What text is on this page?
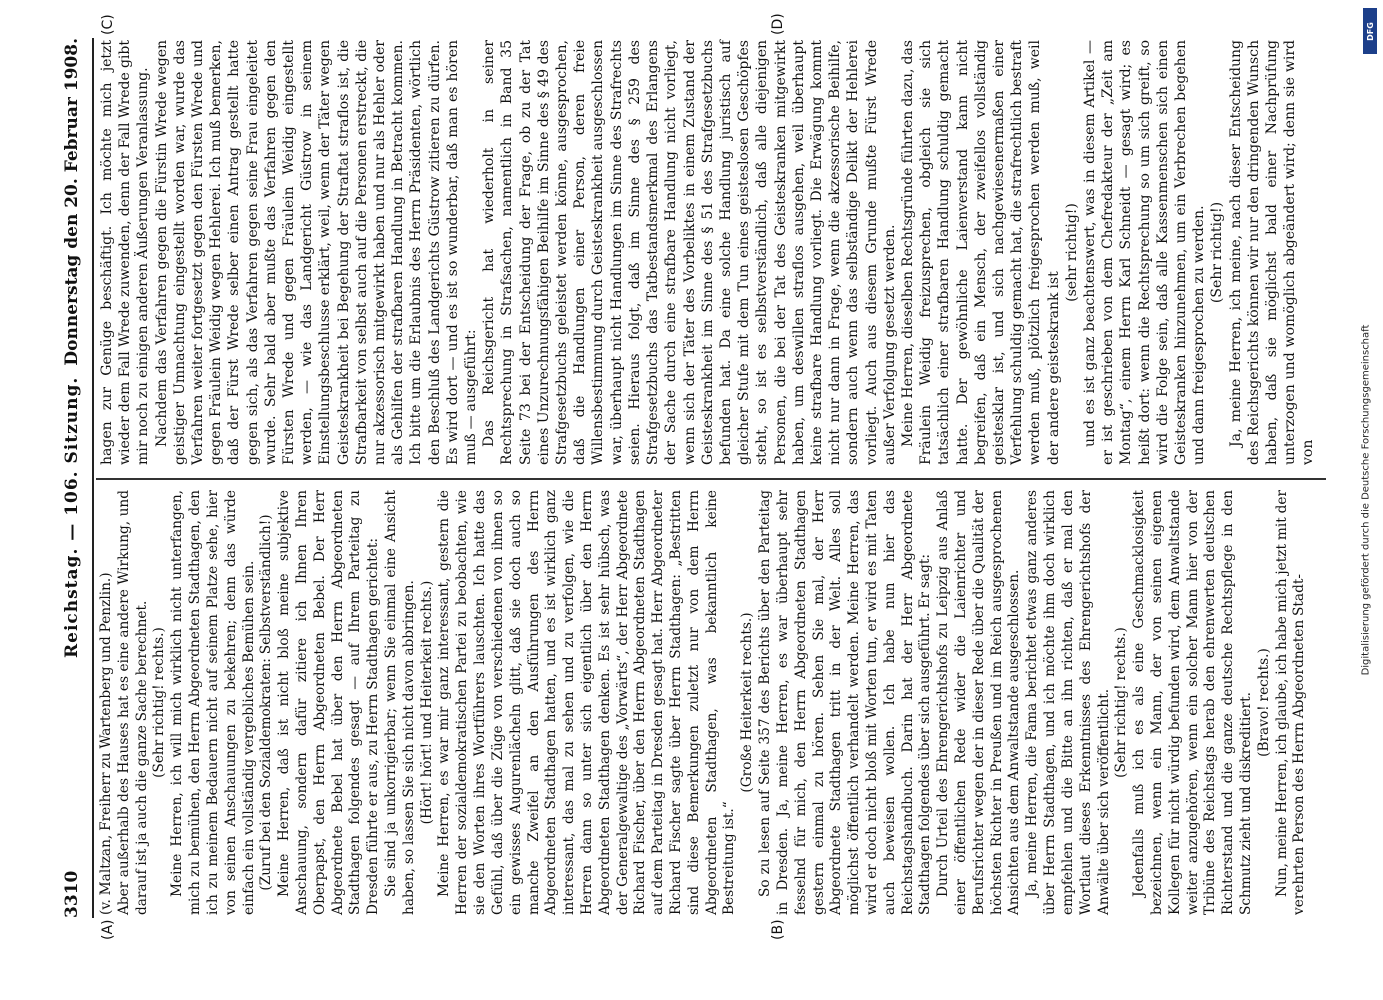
3310
Reichstag. — 106. Sitzung.
Donnerstag den 20. Februar 1908.
(A)	(B)
(C)	(D)

(v. Maltzan, Freiherr zu Wartenberg und Penzlin.) Aber außerhalb des Hauses hat es eine andere Wirkung, und darauf ist ja auch die ganze Sache berechnet. (Sehr richtig! rechts.) Meine Herren, ich will mich wirklich nicht unterfangen, mich zu bemühen, den Herrn Abgeordneten Stadthagen, den ich zu meinem Bedauern nicht auf seinem Platze sehe, hier von seinen Anschauungen zu bekehren; denn das würde einfach ein vollständig vergebliches Bemühen sein. (Zuruf bei den Sozialdemokraten: Selbstverständlich!) Meine Herren, daß ist nicht bloß meine subjektive Anschauung, sondern dafür zitiere ich Ihnen Ihren Oberpapst, den Herrn Abgeordneten Bebel. Der Herr Abgeordnete Bebel hat über den Herrn Abgeordneten Stadthagen folgendes gesagt — auf Ihrem Parteitag zu Dresden führte er aus, zu Herrn Stadthagen gerichtet: Sie sind ja unkorrigierbar; wenn Sie einmal eine Ansicht haben, so lassen Sie sich nicht davon abbringen. (Hört! hört! und Heiterkeit rechts.) Meine Herren, es war mir ganz interessant, gestern die Herren der sozialdemokratischen Partei zu beobachten, wie sie den Worten ihres Wortführers lauschten. Ich hatte das Gefühl, daß über die Züge von verschiedenen von ihnen so ein gewisses Augurenlächeln glitt, daß sie doch auch so manche Zweifel an den Ausführungen des Herrn Abgeordneten Stadthagen hatten, und es ist wirklich ganz interessant, das mal zu sehen und zu verfolgen, wie die Herren dann so unter sich eigentlich über den Herrn Abgeordneten Stadthagen denken. Es ist sehr hübsch, was der Generalgewaltige des „Vorwärts“, der Herr Abgeordnete Richard Fischer, über den Herrn Abgeordneten Stadthagen auf dem Parteitag in Dresden gesagt hat. Herr Abgeordneter Richard Fischer sagte über Herrn Stadthagen: „Bestritten sind diese Bemerkungen zuletzt nur von dem Herrn Abgeordneten Stadthagen, was bekanntlich keine Bestreitung ist.“

(Große Heiterkeit rechts.) So zu lesen auf Seite 357 des Berichts über den Parteitag in Dresden. Ja, meine Herren, es war überhaupt sehr fesselnd für mich, den Herrn Abgeordneten Stadthagen gestern einmal zu hören. Sehen Sie mal, der Herr Abgeordnete Stadthagen tritt in der Welt. Alles soll möglichst öffentlich verhandelt werden. Meine Herren, das wird er doch nicht bloß mit Worten tun, er wird es mit Taten auch beweisen wollen. Ich habe nun hier das Reichstagshandbuch. Darin hat der Herr Abgeordnete Stadthagen folgendes über sich ausgeführt. Er sagt: Durch Urteil des Ehrengerichtshofs zu Leipzig aus Anlaß einer öffentlichen Rede wider die Laienrichter und Berufsrichter wegen der in dieser Rede über die Qualität der höchsten Richter in Preußen und im Reich ausgesprochenen Ansichten aus dem Anwaltstande ausgeschlossen. Ja, meine Herren, die Fama berichtet etwas ganz anderes über Herrn Stadthagen, und ich möchte ihm doch wirklich empfehlen und die Bitte an ihn richten, daß er mal den Wortlaut dieses Erkenntnisses des Ehrengerichtshofs der Anwälte über sich veröffentlicht. (Sehr richtig! rechts.) Jedenfalls muß ich es als eine Geschmacklosigkeit bezeichnen, wenn ein Mann, der von seinen eigenen Kollegen für nicht würdig befunden wird, dem Anwaltstande weiter anzugehören, wenn ein solcher Mann hier von der Tribüne des Reichstags herab den ehrenwerten deutschen Richterstand und die ganze deutsche Rechtspflege in den Schmutz zieht und diskreditiert. (Bravo! rechts.) Nun, meine Herren, ich glaube, ich habe mich jetzt mit der verehrten Person des Herrn Abgeordneten Stadt-

hagen zur Genüge beschäftigt. Ich möchte mich jetzt wieder dem Fall Wrede zuwenden, denn der Fall Wrede gibt mir noch zu einigen anderen Äußerungen Veranlassung. Nachdem das Verfahren gegen die Fürstin Wrede wegen geistiger Umnachtung eingestellt worden war, wurde das Verfahren weiter fortgesetzt gegen den Fürsten Wrede und gegen Fräulein Weidig wegen Hehlerei. Ich muß bemerken, daß der Fürst Wrede selber einen Antrag gestellt hatte gegen sich, als das Verfahren gegen seine Frau eingeleitet wurde. Sehr bald aber mußte das Verfahren gegen den Fürsten Wrede und gegen Fräulein Weidig eingestellt werden, — wie das Landgericht Güstrow in seinem Einstellungsbeschlusse erklärt, weil, wenn der Täter wegen Geisteskrankheit bei Begehung der Straftat straflos ist, die Strafbarkeit von selbst auch auf die Personen erstreckt, die nur akzessorisch mitgewirkt haben und nur als Hehler oder als Gehilfen der strafbaren Handlung in Betracht kommen. Ich bitte um die Erlaubnis des Herrn Präsidenten, wörtlich den Beschluß des Landgerichts Güstrow zitieren zu dürfen. Es wird dort — und es ist so wunderbar, daß man es hören muß — ausgeführt: Das Reichsgericht hat wiederholt in seiner Rechtsprechung in Strafsachen, namentlich in Band 35 Seite 73 bei der Entscheidung der Frage, ob zu der Tat eines Unzurechnungsfähigen Beihilfe im Sinne des § 49 des Strafgesetzbuchs geleistet werden könne, ausgesprochen, daß die Handlungen einer Person, deren freie Willensbestimmung durch Geisteskrankheit ausgeschlossen war, überhaupt nicht Handlungen im Sinne des Strafrechts seien. Hieraus folgt, daß im Sinne des § 259 des Strafgesetzbuchs das Tatbestandsmerkmal des Erlangens der Sache durch eine strafbare Handlung nicht vorliegt, wenn sich der Täter des Vorbeliktes in einem Zustand der Geisteskrankheit im Sinne des § 51 des Strafgesetzbuchs befunden hat. Da eine solche Handlung juristisch auf gleicher Stufe mit dem Tun eines geisteslosen Geschöpfes steht, so ist es selbstverständlich, daß alle diejenigen Personen, die bei der Tat des Geisteskranken mitgewirkt haben, um deswillen straflos ausgehen, weil überhaupt keine strafbare Handlung vorliegt. Die Erwägung kommt nicht nur dann in Frage, wenn die akzessorische Beihilfe, sondern auch wenn das selbständige Delikt der Hehlerei vorliegt. Auch aus diesem Grunde mußte Fürst Wrede außer Verfolgung gesetzt werden. Meine Herren, dieselben Rechtsgründe führten dazu, das Fräulein Weidig freizusprechen, obgleich sie sich tatsächlich einer strafbaren Handlung schuldig gemacht hatte. Der gewöhnliche Laienverstand kann nicht begreifen, daß ein Mensch, der zweifellos vollständig geistesklar ist, und sich nachgewiesenermaßen einer Verfehlung schuldig gemacht hat, die strafrechtlich bestraft werden muß, plötzlich freigesprochen werden muß, weil der andere geisteskrank ist

(sehr richtig!) und es ist ganz beachtenswert, was in diesem Artikel — er ist geschrieben von dem Chefredakteur der „Zeit am Montag“, einem Herrn Karl Schneidt — gesagt wird; es heißt dort: wenn die Rechtsprechung so um sich greift, so wird die Folge sein, daß alle Kassenmenschen sich einen Geisteskranken hinzunehmen, um ein Verbrechen begehen und dann freigesprochen zu werden. (Sehr richtig!) Ja, meine Herren, ich meine, nach dieser Entscheidung des Reichsgerichts können wir nur den dringenden Wunsch haben, daß sie möglichst bald einer Nachprüfung unterzogen und womöglich abgeändert wird; denn sie wird von

DFG
Digitalisierung gefördert durch die Deutsche Forschungsgemeinschaft
